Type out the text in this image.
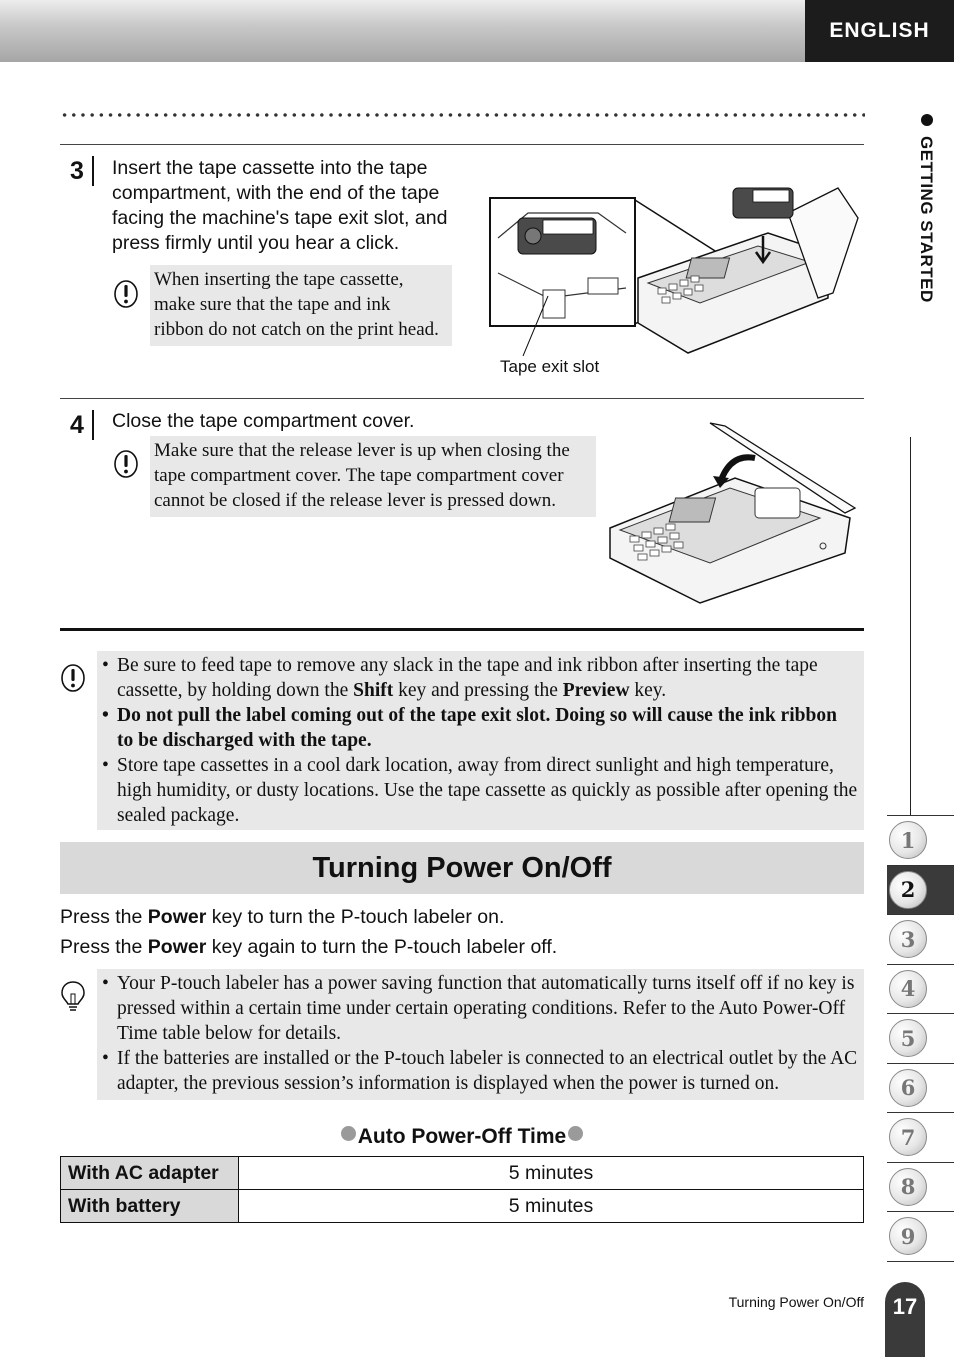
ENGLISH
GETTING STARTED
1
2
3
4
5
6
7
8
9
3	Insert the tape cassette into the tape
compartment, with the end of the tape
facing the machine's tape exit slot, and
press firmly until you hear a click.
When inserting the tape cassette,
make sure that the tape and ink
ribbon do not catch on the print head.
Tape exit slot
4	Close the tape compartment cover.
Make sure that the release lever is up when closing the
tape compartment cover. The tape compartment cover
cannot be closed if the release lever is pressed down.
• Be sure to feed tape to remove any slack in the tape and ink ribbon after inserting the tape cassette, by holding down the Shift key and pressing the Preview key.
• Do not pull the label coming out of the tape exit slot. Doing so will cause the ink ribbon to be discharged with the tape.
• Store tape cassettes in a cool dark location, away from direct sunlight and high temperature, high humidity, or dusty locations. Use the tape cassette as quickly as possible after opening the sealed package.
Turning Power On/Off
Press the Power key to turn the P-touch labeler on.
Press the Power key again to turn the P-touch labeler off.
• Your P-touch labeler has a power saving function that automatically turns itself off if no key is pressed within a certain time under certain operating conditions. Refer to the Auto Power-Off Time table below for details.
• If the batteries are installed or the P-touch labeler is connected to an electrical outlet by the AC adapter, the previous session’s information is displayed when the power is turned on.
Auto Power-Off Time
With AC adapter	5 minutes
With battery	5 minutes
Turning Power On/Off	17
